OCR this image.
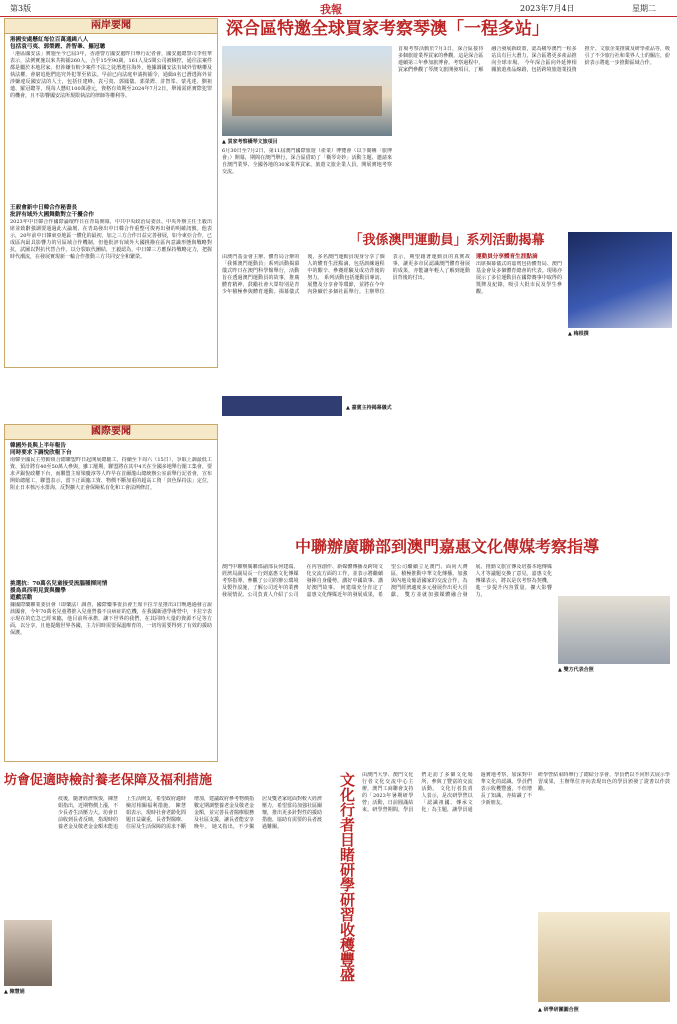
第3版	我報	2023年7月4日	星期二
兩岸要聞
港國安處懸紅每位百萬通緝八人
包括袁弓夷、郭榮鏗、許智峯、羅冠聰
「港區國安法」實施至今已屆3年，香港警方國安處昨日舉行記者會，國安處總警司李桂華表示，法例實施以來共拘捕260人，合乎15至90歲，161人及5間公司被檢控，通往法案件都是屬於本地居家，但涉嫌有較少案件不法之徒潛逃往海外，他據調國安法有域外管轄權及執法權，會窮追他們追究外犯罪至依法。早前已向法庭申請拘捕令，通緝8名已潛逃海外並涉嫌違反國安法的人士，包括任建峰、袁弓夷、郭鳳儀、郭榮鏗、許智峯、蒙兆達、劉祖廸、羅冠聰等，現每人懸紅100萬港元，資格有效期至2024年7月2日，舉報需經實際犯罪的機會，且不影響國安法所規限執法的律師等權利等。
王毅會新中日韓合作秘書長
批評有域外大國舞動對立干擾合作
2023年中日韓合作國際論壇昨日在青島開幕，中共中央政治局委員、中央外辦主任王毅出席並致辭強調要通過此大論壇，在青島發出中日韓合作重整可復再出發的明確訊號。他表示，20年前中日韓東亞地區一體化的最初，加之三方合作日益完善發展，如今東亞合作，已成區內最具影響力的另區域合作機制，但他批評有域外大國挑撥在區內意識形態與戰略對抗，試圖以對抗代替合作。以分裂取代團結，王毅認為，中日韓三方應保持戰略定力，把握時代潮流，在發展實現新一輪合作推動三方共同安全和繁榮。
國際要聞
韓國外長與上半年報告
同時要求下調悅欣報下台
南韓全國民主勞動組合總聯盟昨日起開展總罷工，持續至下周六（15日），爭取上調最低工資、預計將有40至50萬人參與，雖工罷期，聯盟將在其中4天在全國多地舉行罷工集會，要求尹錫悅政權下台，而聯盟主席梁慶淳等人昨早在首爾龍山總統辦公室前舉行記者會，宣布開始總罷工，聯盟表示，當下正面臨工資、物價不斷加重的超高工資「貧色保持法」定位，阻止日本核污水排海，反對擴大正會保險私有化和工會法例修訂。
挑選抗：70萬名兒童接受流腦種揮同情
援鳥真西明見貨與醫學
遊戲活動
據國際藥聯業委員會（即藥法）調查，國際藥事委員會王席卡拉辛星推出3日晚遇過發言說該國會，今年70萬名兒童將推入兒童營養不良病症的危機，在我國新港學術營中，卡拉辛表示現在的危急已經來臨，他目前所承擔，讓下世界的我們，在其同時大量的資源不足等方面，以分享，且他提醒世界各國，主力同時需要保溫療育的，一切均需要得到了有效的援助保護。
深合區特邀全球買家考察琴澳「一程多站」
▲ 買家考察橫琴文旅項目
6月30日至7月2日，第11屆澳門國際旅遊（產業）博覽會（以下簡稱「旅博會」）開幕，期間在澳門舉行。深合區借助了「橫琴奇妙」活動主題、邀請來自澳門業界、全國各地的30家業界買家、旅遊文旅企業人員，開展實地考察交流。
首場考察活動於7月3日，深合區接待多個旅遊業界買家的參觀，這是深合區連續第三年參加旅博會。考察過程中，買家們參觀了琴澳文旅開發項目，了解融合發展新政策，認為橫琴澳門一程多站具有巨大潛力，深合區將更多產品推向全球市場。 今年深合區向外延伸相關旅遊產品線路，包括跨境旅遊業投資推介、文旅企業推廣及研學產品等，吸引了不少旅行社和業界人士的關注，紛紛表示將進一步推動區域合作。
「我係澳門運動員」系列活動揭幕
由澳門基金會主辦、體育局合辦的「我係澳門運動員」系列活動揭幕儀式昨日在澳門科學館舉行，活動旨在透過澳門運動員的故事，推廣體育精神，鼓勵社會大眾特別是青少年積極參與體育運動。揭幕儀式後，多名澳門運動員現身分享了個人的體育生涯點滴，包括訓練過程中的艱辛、參賽經驗及成功背後的努力。 系列活動包括運動員專訪、展覽及分享會等環節，並將在今年內陸續於多個社區舉行。主辦單位表示，期望藉著運動員的真實故事，讓更多市民認識澳門體育發展的成果，亦能讓年輕人了解到運動員背後的付出。
▲ 嘉賓主持揭幕儀式
運動員分享體育生涯點滴
出席揭幕儀式的嘉賓包括體育局、澳門基金會及多個體育總會的代表。現場亦展示了多位運動員在國際賽事中取得的獎牌及紀錄，吸引大批市民及學生參觀。
▲ 梅根撰
中聯辦廣聯部到澳門嘉惠文化傳媒考察指導
澳門中聯辦廣聯部副部長何建端、經濟局副局長一行到嘉惠文化傳媒考察指導，參觀了公司的辦公環境及製作設施，了解公司近年的業務發展情況。公司負責人介紹了公司在內容創作、新媒體傳播及跨境文化交流方面的工作，並表示將繼續發揮自身優勢，講好中國故事、講好澳門故事。 何建端充分肯定了嘉惠文化傳媒近年的發展成果，希望公司繼續立足澳門、面向大灣區，積極推動中華文化傳播，加強與內地及葡語國家的交流合作，為澳門經濟適度多元發展作出更大貢獻。 雙方並就加強媒體融合發展、推動文旅宣傳及培養本地傳媒人才等議題交換了意見。嘉惠文化傳媒表示，將以是次考察為契機，進一步提升內容質量，擴大影響力。
▲ 雙方代表合照
坊會促適時檢討養老保障及福利措施
▲ 陳慧娟
疫後，隨著經濟恢復，陳慧娟指出，近期物價上漲，不少長者生活壓力大。坊會日前收到長者反映，指現時的養老金及敬老金金額未能追上生活開支，希望政府適時檢討相關福利措施。 陳慧娟表示，現時社會老齡化問題日益嚴重，長者對醫療、住屋及生活保障的需求不斷增加，建議政府參考物價指數定期調整養老金及敬老金金額，並完善長者醫療服務及社區支援，讓長者能安享晚年。 她又指出，不少獨居及雙老家庭面對較大經濟壓力，希望當局加強社區關懷，推出更多針對性的援助措施，協助有需要的長者渡過難關。	文化行者目睹研學研習收穫豐盛	由澳門大學、澳門文化行者文化交流中心主辦，澳門工商聯會支持的「2023年暑期研學營」活動，日前圓滿結束。研學營期間，學員們走訪了多個文化場所，參與了豐富的交流活動。 文化行者負責人表示，是次研學營以「認識祖國、傳承文化」為主題，讓學員通過實地考察，加深對中華文化的認識。學員們表示收穫豐盛，不但增長了知識，亦結識了不少新朋友。
研學營結束時舉行了總結分享會，學員們以不同形式展示學習成果，主辦單位亦向表現出色的學員頒發了證書以作鼓勵。
▲ 研學研團圓合照
